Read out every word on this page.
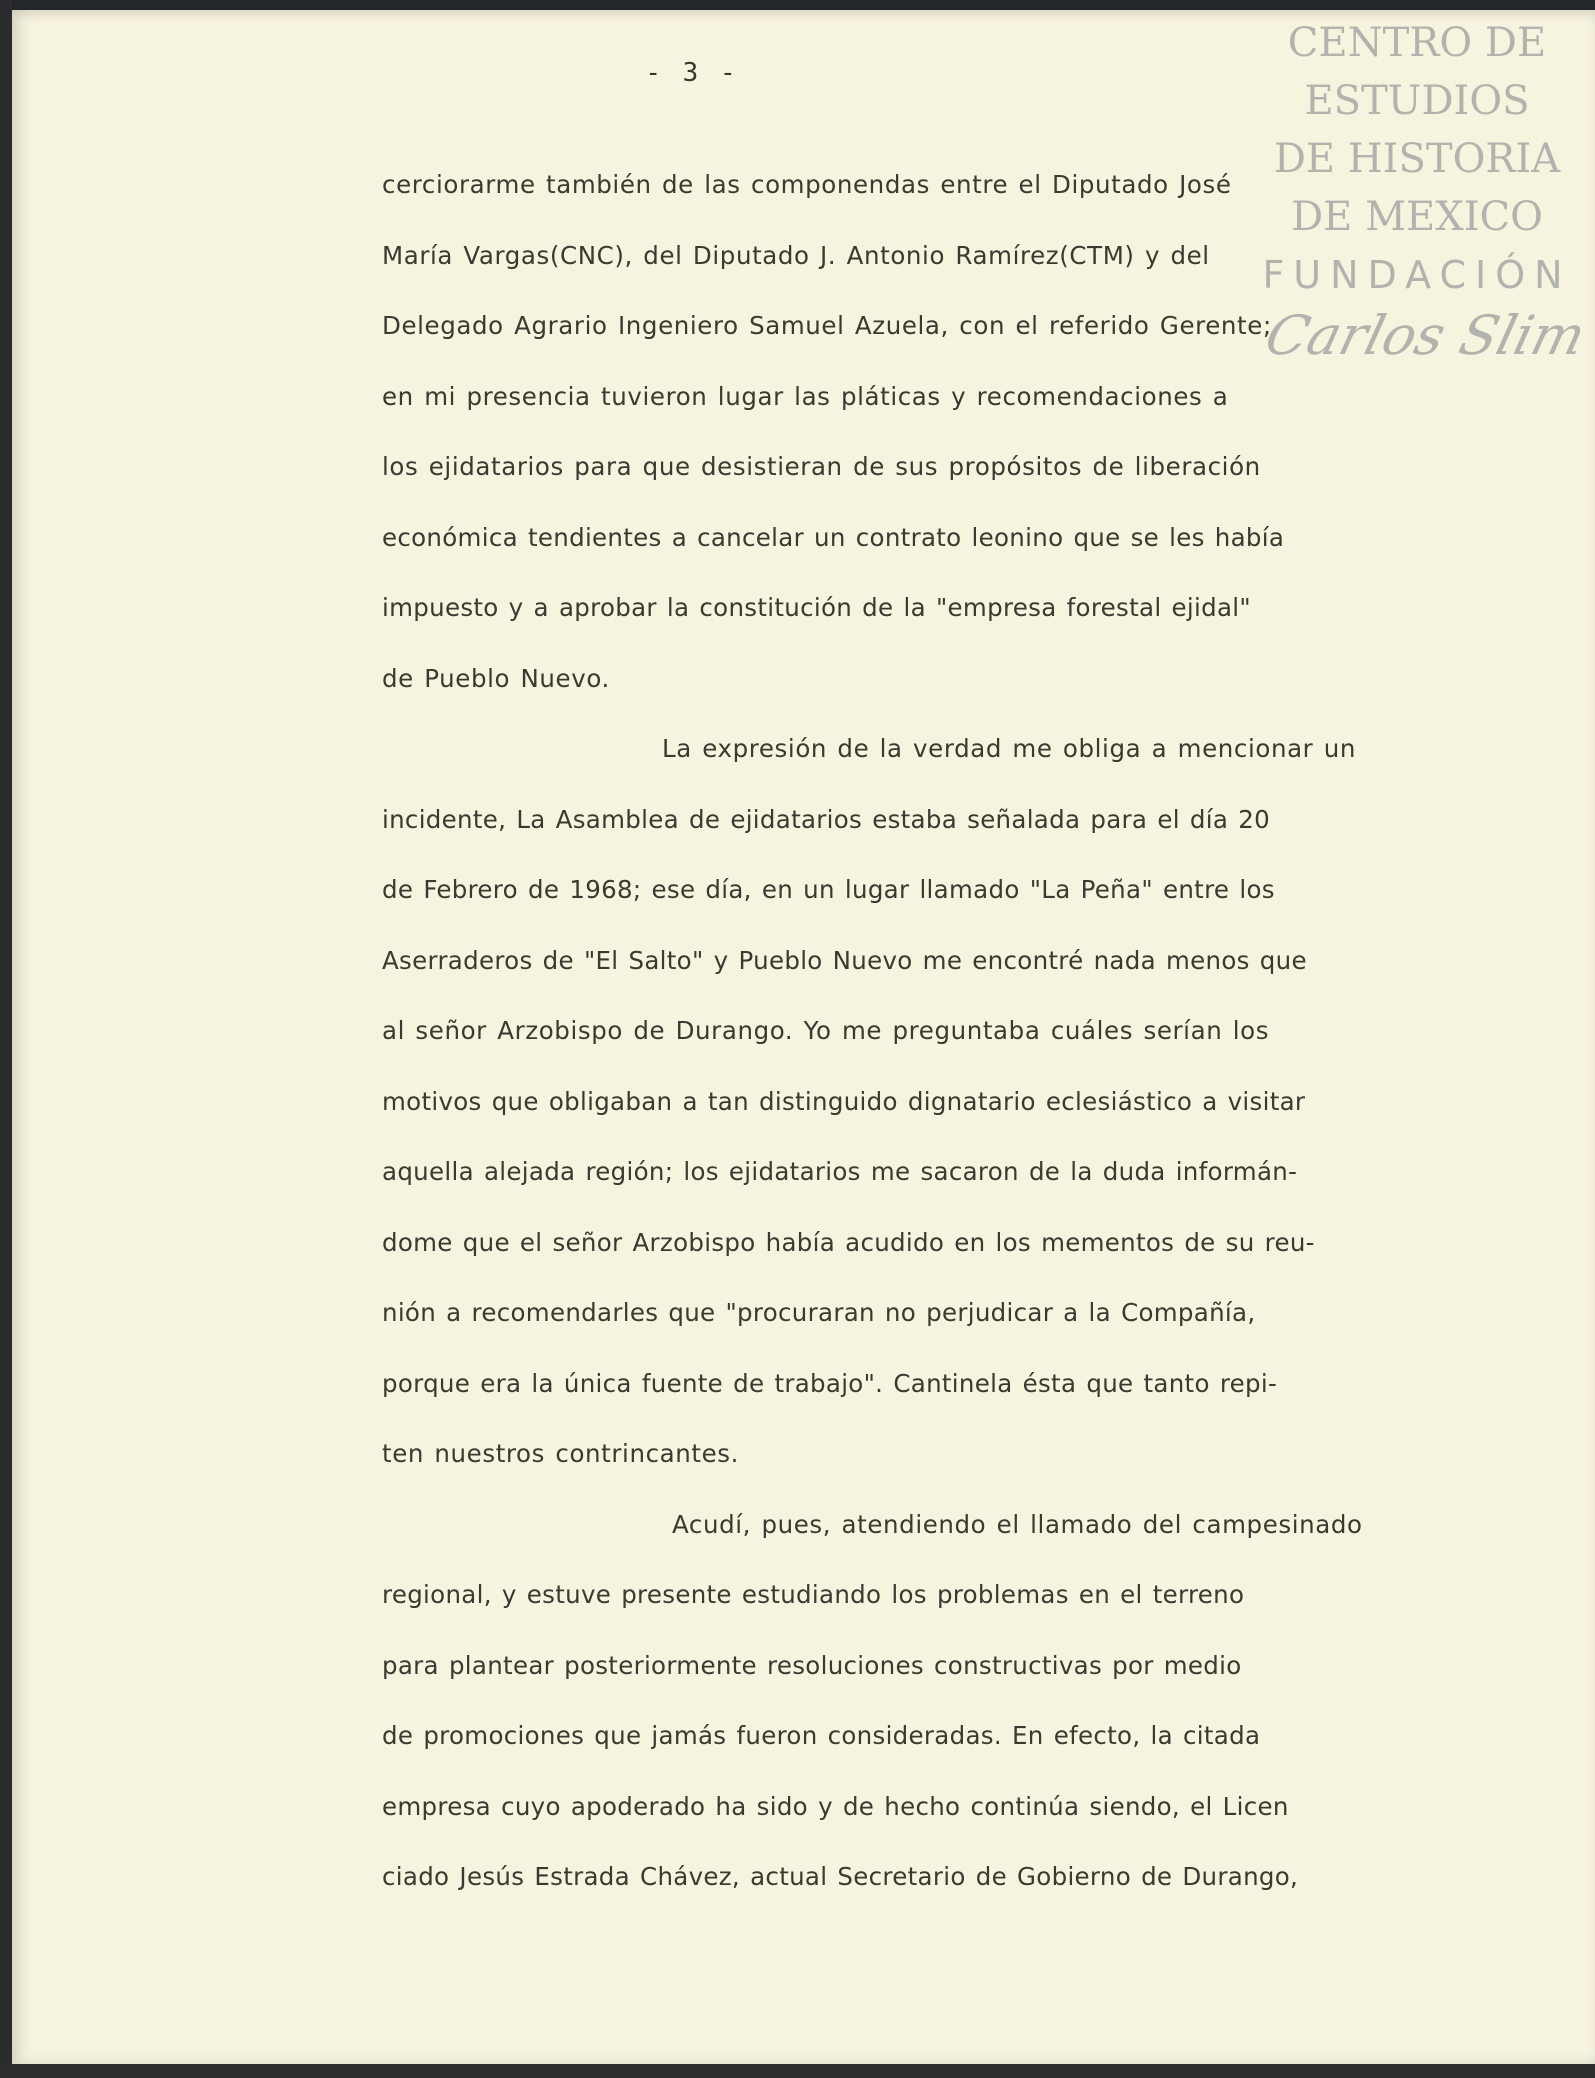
- 3 -
CENTRO DE
ESTUDIOS
DE HISTORIA
DE MEXICO
FUNDACIÓN
Carlos Slim
cerciorarme también de las componendas entre el Diputado José
María Vargas(CNC), del Diputado J. Antonio Ramírez(CTM) y del
Delegado Agrario Ingeniero Samuel Azuela, con el referido Gerente;
en mi presencia tuvieron lugar las pláticas y recomendaciones a
los ejidatarios para que desistieran de sus propósitos de liberación
económica tendientes a cancelar un contrato leonino que se les había
impuesto y a aprobar la constitución de la "empresa forestal ejidal"
de Pueblo Nuevo.
La expresión de la verdad me obliga a mencionar un
incidente, La Asamblea de ejidatarios estaba señalada para el día 20
de Febrero de 1968; ese día, en un lugar llamado "La Peña" entre los
Aserraderos de "El Salto" y Pueblo Nuevo me encontré nada menos que
al señor Arzobispo de Durango. Yo me preguntaba cuáles serían los
motivos que obligaban a tan distinguido dignatario eclesiástico a visitar
aquella alejada región; los ejidatarios me sacaron de la duda informán-
dome que el señor Arzobispo había acudido en los mementos de su reu-
nión a recomendarles que "procuraran no perjudicar a la Compañía,
porque era la única fuente de trabajo". Cantinela ésta que tanto repi-
ten nuestros contrincantes.
Acudí, pues, atendiendo el llamado del campesinado
regional, y estuve presente estudiando los problemas en el terreno
para plantear posteriormente resoluciones constructivas por medio
de promociones que jamás fueron consideradas. En efecto, la citada
empresa cuyo apoderado ha sido y de hecho continúa siendo, el Licen
ciado Jesús Estrada Chávez, actual Secretario de Gobierno de Durango,
